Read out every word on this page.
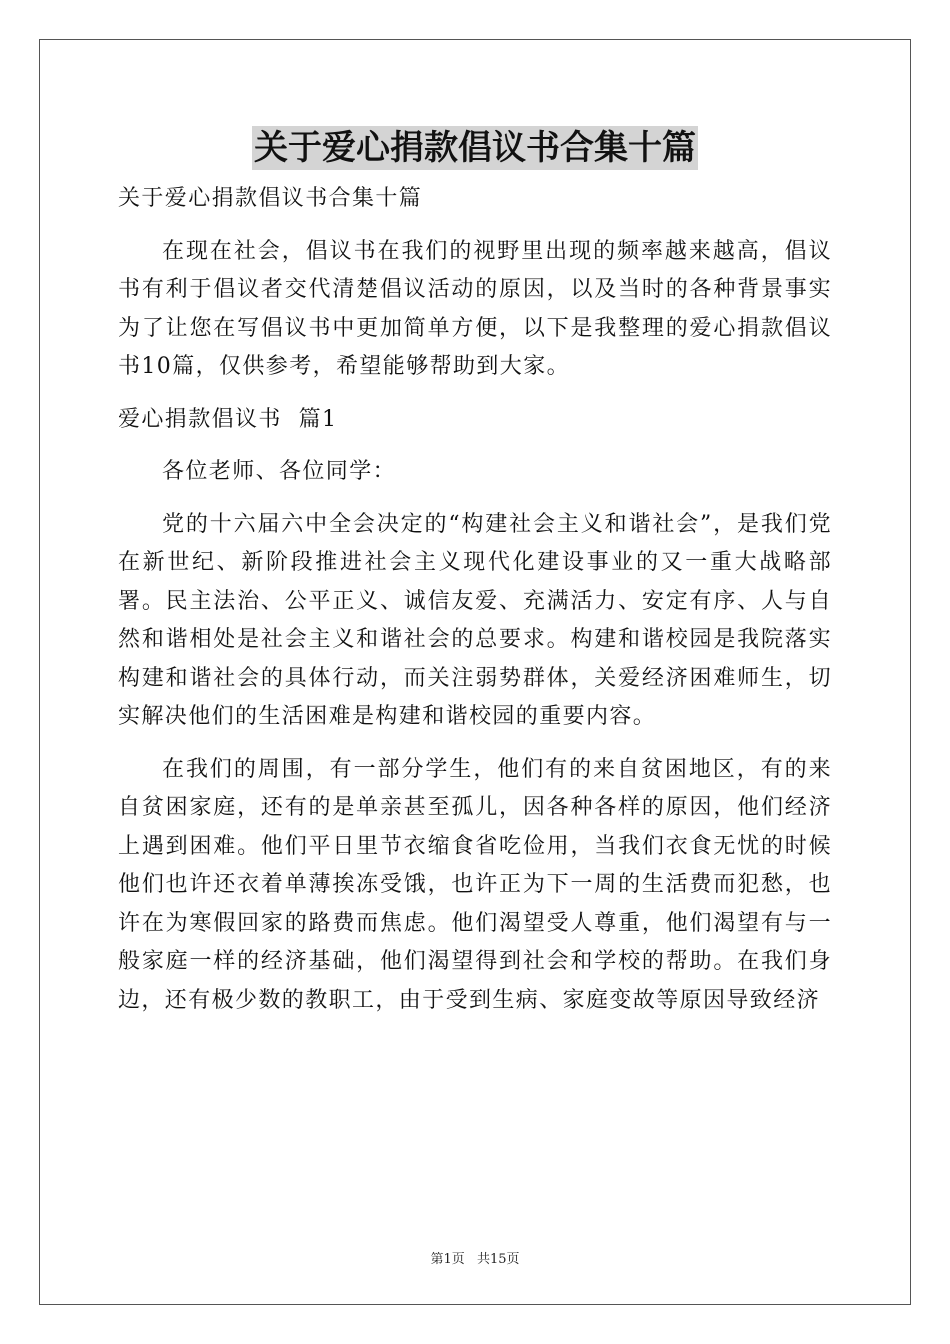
关于爱心捐款倡议书合集十篇

关于爱心捐款倡议书合集十篇

在现在社会，倡议书在我们的视野里出现的频率越来越高，倡议书有利于倡议者交代清楚倡议活动的原因，以及当时的各种背景事实为了让您在写倡议书中更加简单方便，以下是我整理的爱心捐款倡议书10篇，仅供参考，希望能够帮助到大家。

爱心捐款倡议书  篇1

各位老师、各位同学：

党的十六届六中全会决定的“构建社会主义和谐社会”，是我们党在新世纪、新阶段推进社会主义现代化建设事业的又一重大战略部署。民主法治、公平正义、诚信友爱、充满活力、安定有序、人与自然和谐相处是社会主义和谐社会的总要求。构建和谐校园是我院落实构建和谐社会的具体行动，而关注弱势群体，关爱经济困难师生，切实解决他们的生活困难是构建和谐校园的重要内容。

在我们的周围，有一部分学生，他们有的来自贫困地区，有的来自贫困家庭，还有的是单亲甚至孤儿，因各种各样的原因，他们经济上遇到困难。他们平日里节衣缩食省吃俭用，当我们衣食无忧的时候他们也许还衣着单薄挨冻受饿，也许正为下一周的生活费而犯愁，也许在为寒假回家的路费而焦虑。他们渴望受人尊重，他们渴望有与一般家庭一样的经济基础，他们渴望得到社会和学校的帮助。在我们身边，还有极少数的教职工，由于受到生病、家庭变故等原因导致经济

第1页 共15页
